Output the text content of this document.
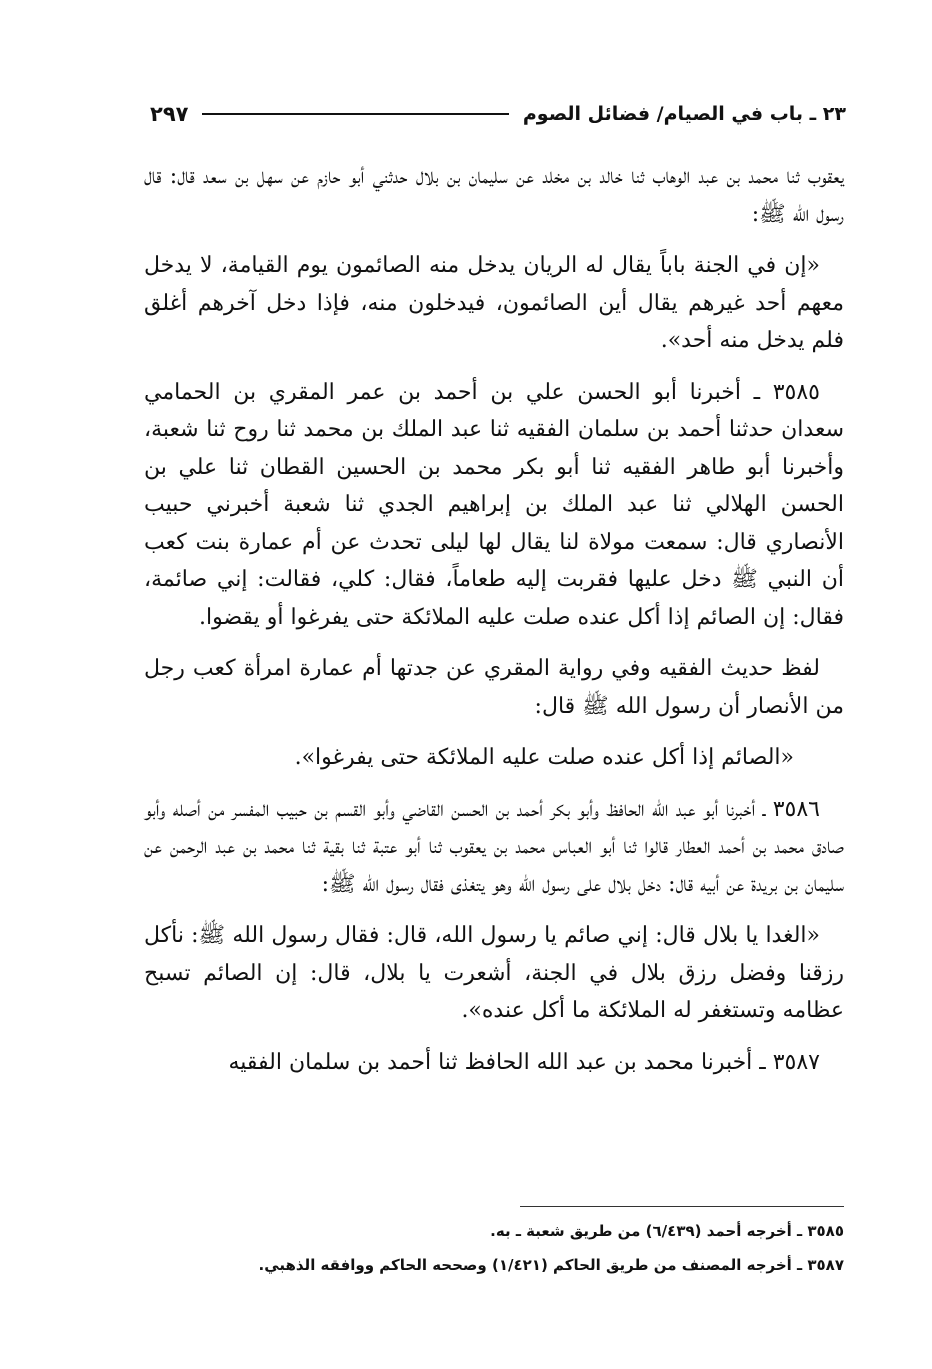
٢٣ ـ باب في الصيام/ فضائل الصوم
٢٩٧

يعقوب ثنا محمد بن عبد الوهاب ثنا خالد بن مخلد عن سليمان بن بلال حدثني أبو حازم عن سهل بن سعد قال: قال رسول الله ﷺ:

«إن في الجنة باباً يقال له الريان يدخل منه الصائمون يوم القيامة، لا يدخل معهم أحد غيرهم يقال أين الصائمون، فيدخلون منه، فإذا دخل آخرهم أغلق فلم يدخل منه أحد».

٣٥٨٥ ـ أخبرنا أبو الحسن علي بن أحمد بن عمر المقري بن الحمامي سعدان حدثنا أحمد بن سلمان الفقيه ثنا عبد الملك بن محمد ثنا روح ثنا شعبة، وأخبرنا أبو طاهر الفقيه ثنا أبو بكر محمد بن الحسين القطان ثنا علي بن الحسن الهلالي ثنا عبد الملك بن إبراهيم الجدي ثنا شعبة أخبرني حبيب الأنصاري قال: سمعت مولاة لنا يقال لها ليلى تحدث عن أم عمارة بنت كعب أن النبي ﷺ دخل عليها فقربت إليه طعاماً، فقال: كلي، فقالت: إني صائمة، فقال: إن الصائم إذا أكل عنده صلت عليه الملائكة حتى يفرغوا أو يقضوا.

لفظ حديث الفقيه وفي رواية المقري عن جدتها أم عمارة امرأة كعب رجل من الأنصار أن رسول الله ﷺ قال:

«الصائم إذا أكل عنده صلت عليه الملائكة حتى يفرغوا».

٣٥٨٦ ـ أخبرنا أبو عبد الله الحافظ وأبو بكر أحمد بن الحسن القاضي وأبو القسم بن حبيب المفسر من أصله وأبو صادق محمد بن أحمد العطار قالوا ثنا أبو العباس محمد بن يعقوب ثنا أبو عتبة ثنا بقية ثنا محمد بن عبد الرحمن عن سليمان بن بريدة عن أبيه قال: دخل بلال على رسول الله وهو يتغذى فقال رسول الله ﷺ:

«الغدا يا بلال قال: إني صائم يا رسول الله، قال: فقال رسول الله ﷺ: نأكل رزقنا وفضل رزق بلال في الجنة، أشعرت يا بلال، قال: إن الصائم تسبح عظامه وتستغفر له الملائكة ما أكل عنده».

٣٥٨٧ ـ أخبرنا محمد بن عبد الله الحافظ ثنا أحمد بن سلمان الفقيه

٣٥٨٥ ـ أخرجه أحمد (٦/٤٣٩) من طريق شعبة ـ به.

٣٥٨٧ ـ أخرجه المصنف من طريق الحاكم (١/٤٢١) وصححه الحاكم ووافقه الذهبي.
